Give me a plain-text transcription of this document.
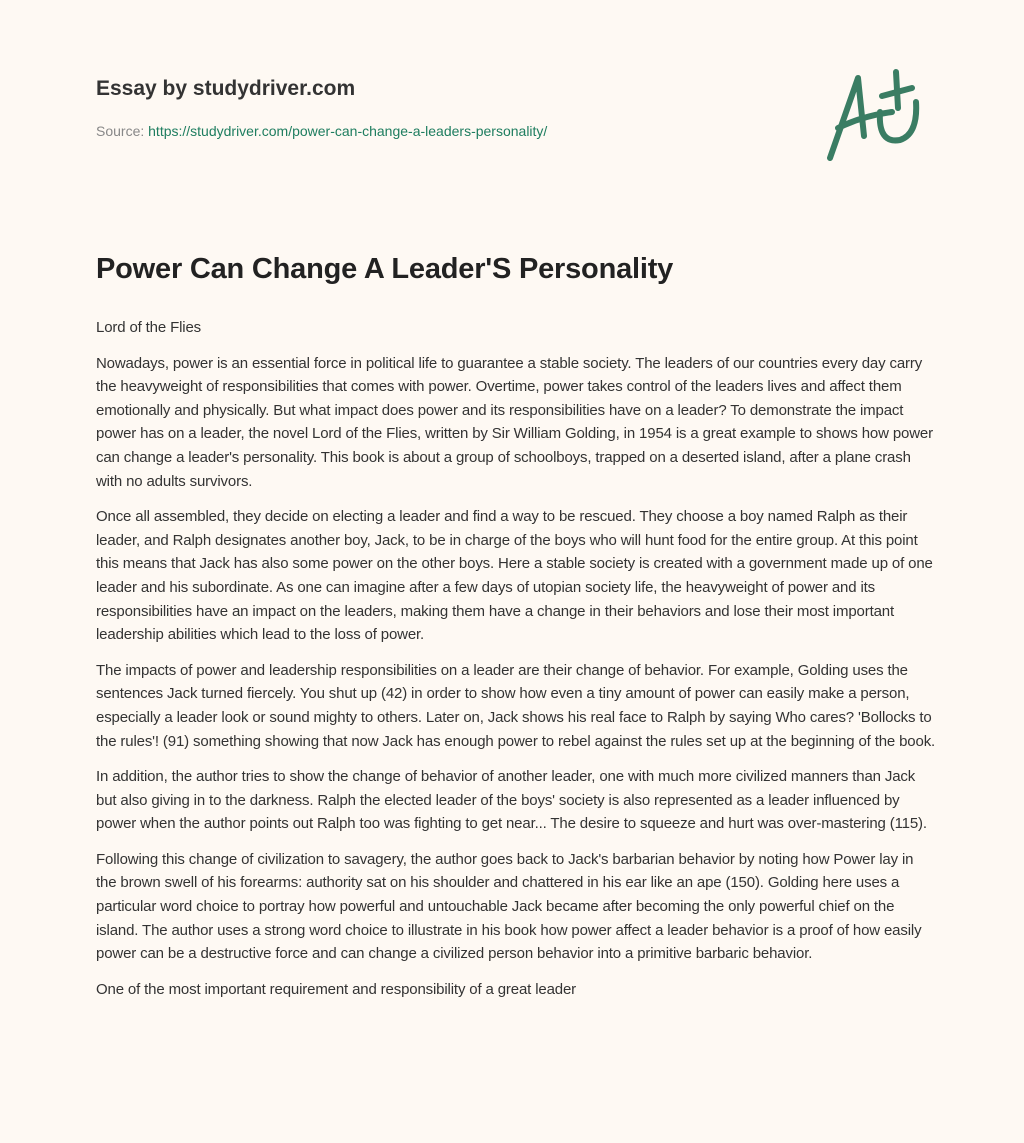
Essay by studydriver.com
Source: https://studydriver.com/power-can-change-a-leaders-personality/
Power Can Change A Leader'S Personality

Lord of the Flies

Nowadays, power is an essential force in political life to guarantee a stable society. The leaders of our countries every day carry the heavyweight of responsibilities that comes with power. Overtime, power takes control of the leaders lives and affect them emotionally and physically. But what impact does power and its responsibilities have on a leader? To demonstrate the impact power has on a leader, the novel Lord of the Flies, written by Sir William Golding, in 1954 is a great example to shows how power can change a leader's personality. This book is about a group of schoolboys, trapped on a deserted island, after a plane crash with no adults survivors.

Once all assembled, they decide on electing a leader and find a way to be rescued. They choose a boy named Ralph as their leader, and Ralph designates another boy, Jack, to be in charge of the boys who will hunt food for the entire group. At this point this means that Jack has also some power on the other boys. Here a stable society is created with a government made up of one leader and his subordinate. As one can imagine after a few days of utopian society life, the heavyweight of power and its responsibilities have an impact on the leaders, making them have a change in their behaviors and lose their most important leadership abilities which lead to the loss of power.

The impacts of power and leadership responsibilities on a leader are their change of behavior. For example, Golding uses the sentences Jack turned fiercely. You shut up (42) in order to show how even a tiny amount of power can easily make a person, especially a leader look or sound mighty to others. Later on, Jack shows his real face to Ralph by saying Who cares? 'Bollocks to the rules'! (91) something showing that now Jack has enough power to rebel against the rules set up at the beginning of the book.

In addition, the author tries to show the change of behavior of another leader, one with much more civilized manners than Jack but also giving in to the darkness. Ralph the elected leader of the boys' society is also represented as a leader influenced by power when the author points out Ralph too was fighting to get near... The desire to squeeze and hurt was over-mastering (115).

Following this change of civilization to savagery, the author goes back to Jack's barbarian behavior by noting how Power lay in the brown swell of his forearms: authority sat on his shoulder and chattered in his ear like an ape (150). Golding here uses a particular word choice to portray how powerful and untouchable Jack became after becoming the only powerful chief on the island. The author uses a strong word choice to illustrate in his book how power affect a leader behavior is a proof of how easily power can be a destructive force and can change a civilized person behavior into a primitive barbaric behavior.

One of the most important requirement and responsibility of a great leader
